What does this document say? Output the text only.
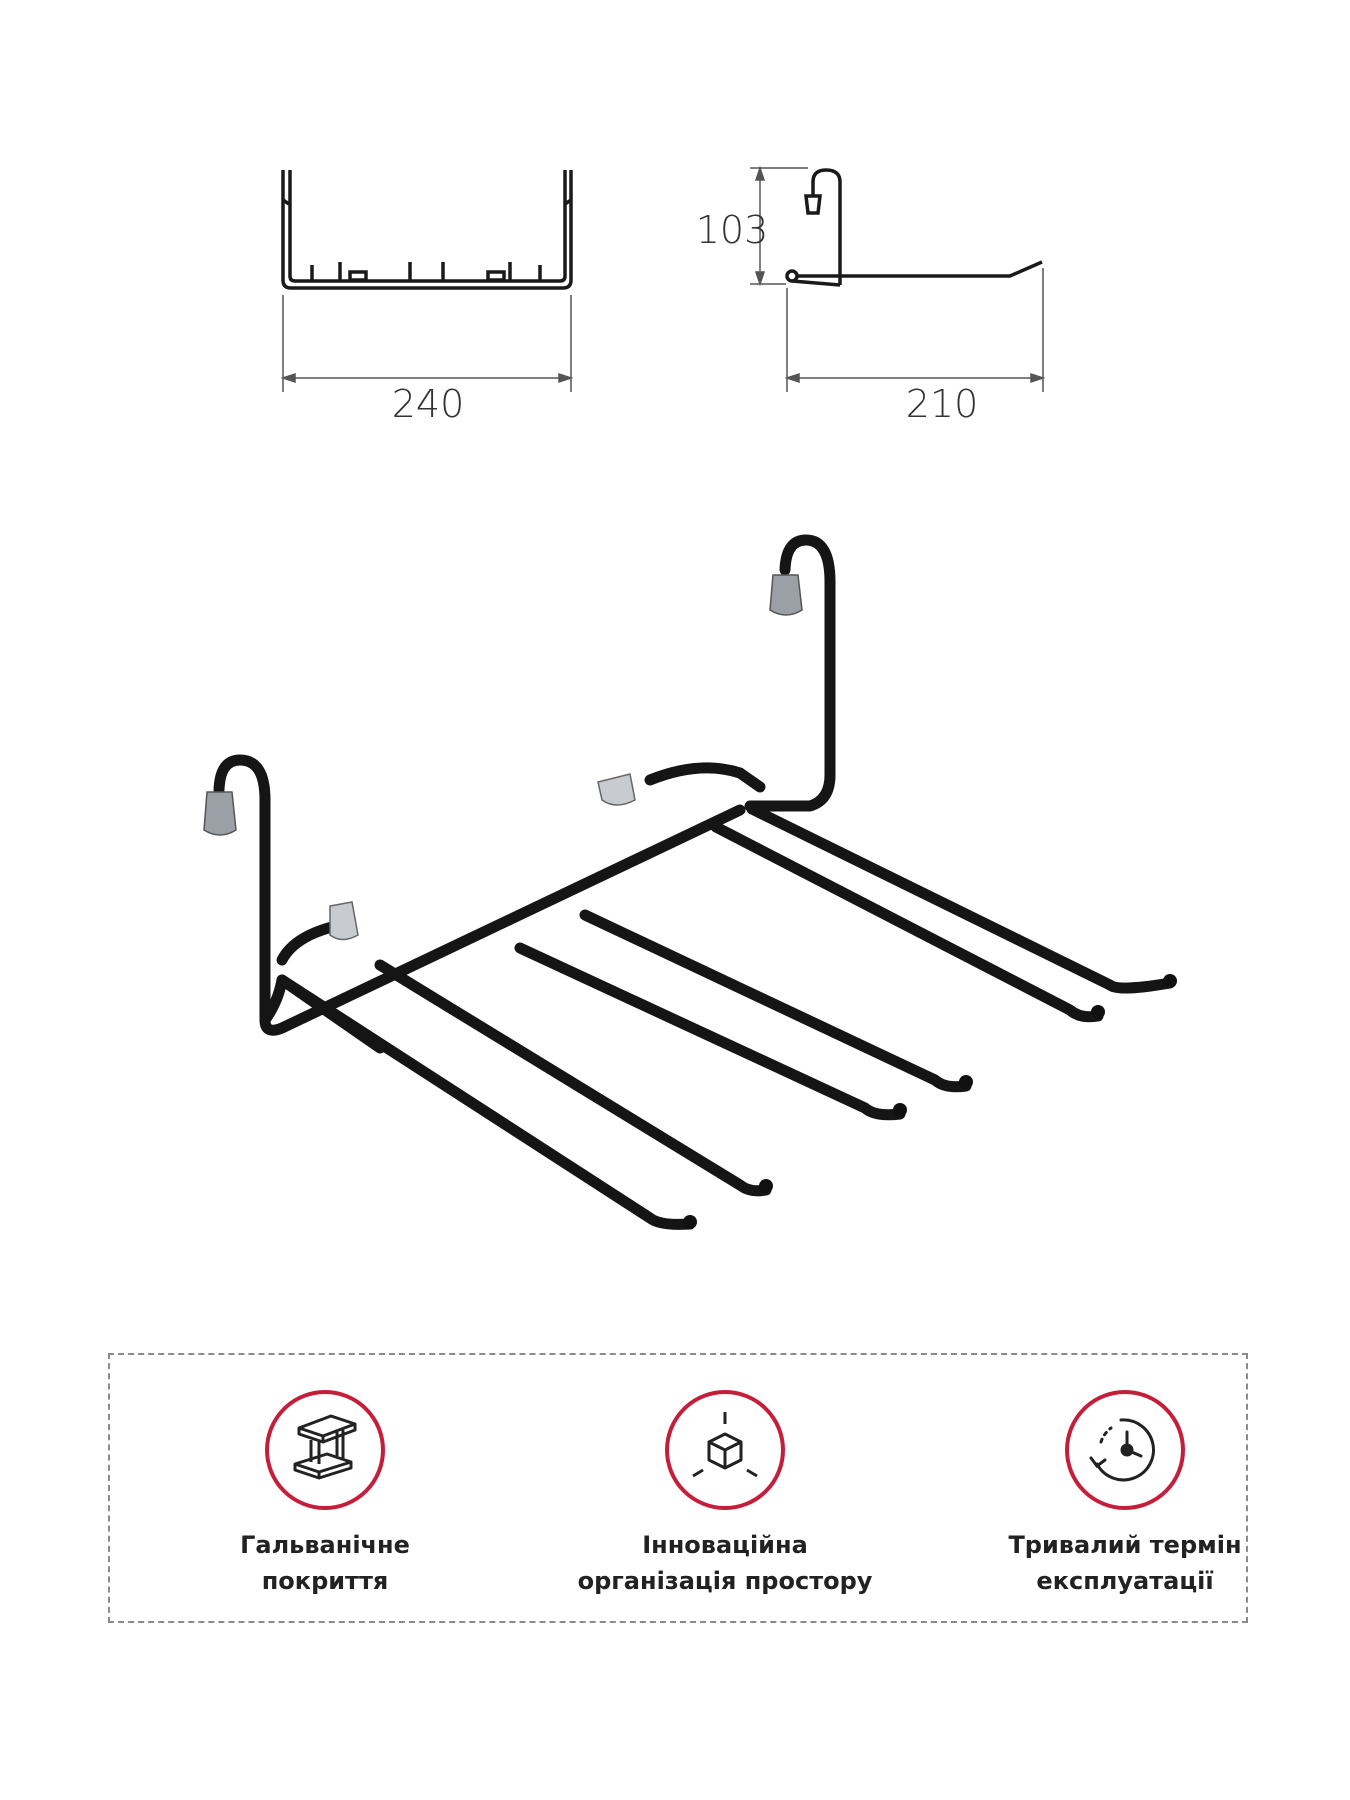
240	210
103
Гальванічне
покриття
Інноваційна
організація простору
Тривалий термін
експлуатації
